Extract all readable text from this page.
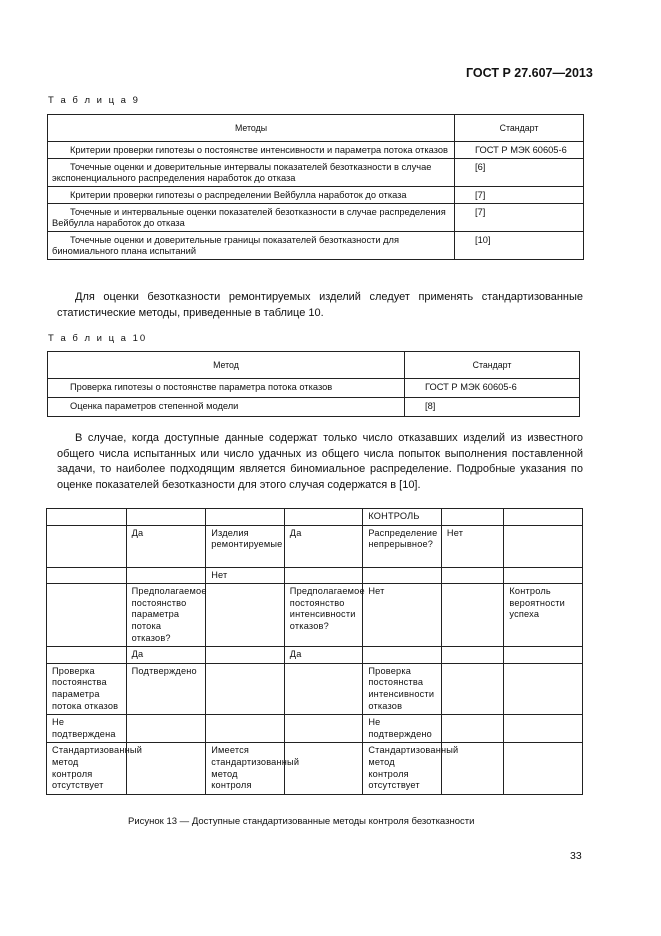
ГОСТ Р 27.607—2013
Т а б л и ц а 9
Методы	Стандарт
Критерии проверки гипотезы о постоянстве интенсивности и параметра потока отказов	ГОСТ Р МЭК 60605-6
Точечные оценки и доверительные интервалы показателей безотказности в случае экспоненциального распределения наработок до отказа	[6]
Критерии проверки гипотезы о распределении Вейбулла наработок до отказа	[7]
Точечные и интервальные оценки показателей безотказности в случае распределения Вейбулла наработок до отказа	[7]
Точечные оценки и доверительные границы показателей безотказности для биномиального плана испытаний	[10]
Для оценки безотказности ремонтируемых изделий следует применять стандартизованные статистические методы, приведенные в таблице 10.
Т а б л и ц а 10
Метод	Стандарт
Проверка гипотезы о постоянстве параметра потока отказов	ГОСТ Р МЭК 60605-6
Оценка параметров степенной модели	[8]
В случае, когда доступные данные содержат только число отказавших изделий из известного общего числа испытанных или число удачных из общего числа попыток выполнения поставленной задачи, то наиболее подходящим является биномиальное распределение. Подробные указания по оценке показателей безотказности для этого случая содержатся в [10].
				КОНТРОЛЬ		
	Да	Изделия ремонтируемые	Да	Распределение непрерывное?	Нет	
		Нет				
	Предполагаемое постоянство параметра потока отказов?		Предполагаемое постоянство интенсивности отказов?	Нет		Контроль вероятности успеха
	Да		Да			
Проверка постоянства параметра потока отказов	Подтверждено			Проверка постоянства интенсивности отказов		
Не подтверждена				Не подтверждено		
Стандартизованный метод контроля отсутствует		Имеется стандартизованный метод контроля		Стандартизованный метод контроля отсутствует		
Рисунок 13 — Доступные стандартизованные методы контроля безотказности
33
